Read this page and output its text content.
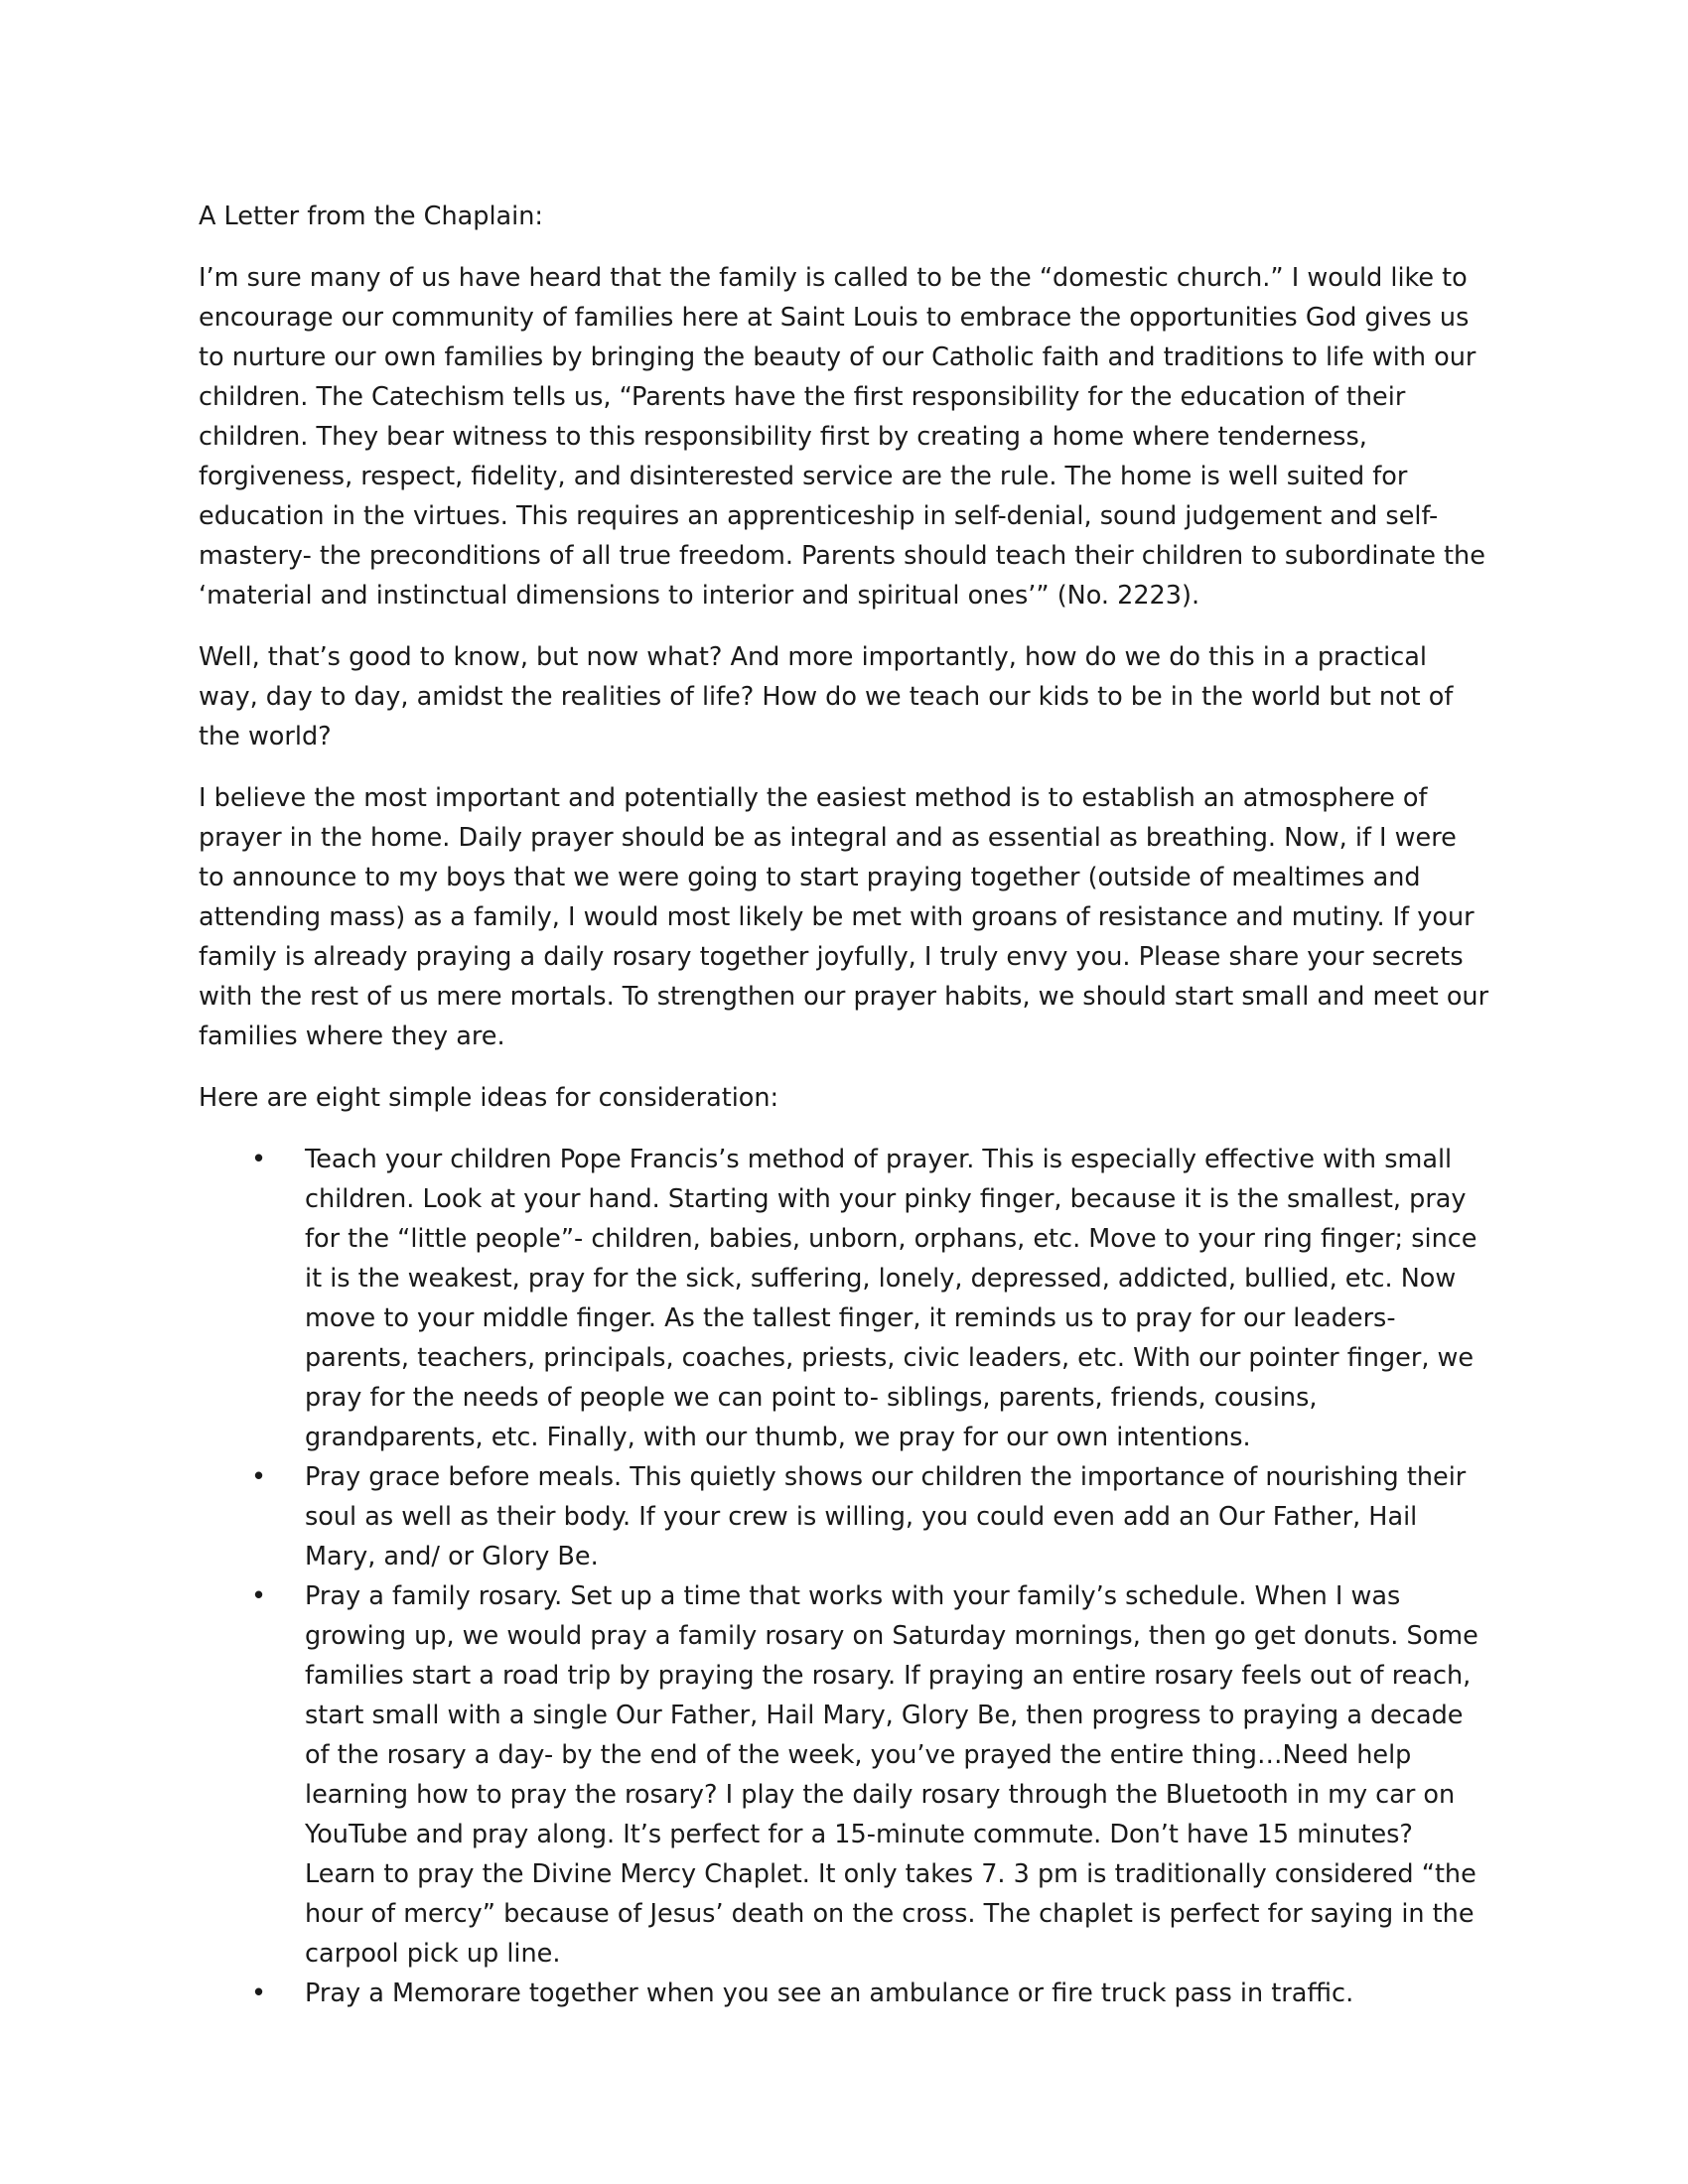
A Letter from the Chaplain:

I’m sure many of us have heard that the family is called to be the “domestic church.” I would like to encourage our community of families here at Saint Louis to embrace the opportunities God gives us to nurture our own families by bringing the beauty of our Catholic faith and traditions to life with our children. The Catechism tells us, “Parents have the first responsibility for the education of their children. They bear witness to this responsibility first by creating a home where tenderness, forgiveness, respect, fidelity, and disinterested service are the rule. The home is well suited for education in the virtues. This requires an apprenticeship in self-denial, sound judgement and self-mastery- the preconditions of all true freedom. Parents should teach their children to subordinate the ‘material and instinctual dimensions to interior and spiritual ones’” (No. 2223).

Well, that’s good to know, but now what? And more importantly, how do we do this in a practical way, day to day, amidst the realities of life? How do we teach our kids to be in the world but not of the world?

I believe the most important and potentially the easiest method is to establish an atmosphere of prayer in the home. Daily prayer should be as integral and as essential as breathing. Now, if I were to announce to my boys that we were going to start praying together (outside of mealtimes and attending mass) as a family, I would most likely be met with groans of resistance and mutiny. If your family is already praying a daily rosary together joyfully, I truly envy you. Please share your secrets with the rest of us mere mortals. To strengthen our prayer habits, we should start small and meet our families where they are.

Here are eight simple ideas for consideration:

• Teach your children Pope Francis’s method of prayer. This is especially effective with small children. Look at your hand. Starting with your pinky finger, because it is the smallest, pray for the “little people”- children, babies, unborn, orphans, etc. Move to your ring finger; since it is the weakest, pray for the sick, suffering, lonely, depressed, addicted, bullied, etc. Now move to your middle finger. As the tallest finger, it reminds us to pray for our leaders- parents, teachers, principals, coaches, priests, civic leaders, etc. With our pointer finger, we pray for the needs of people we can point to- siblings, parents, friends, cousins, grandparents, etc. Finally, with our thumb, we pray for our own intentions.
• Pray grace before meals. This quietly shows our children the importance of nourishing their soul as well as their body. If your crew is willing, you could even add an Our Father, Hail Mary, and/ or Glory Be.
• Pray a family rosary. Set up a time that works with your family’s schedule. When I was growing up, we would pray a family rosary on Saturday mornings, then go get donuts. Some families start a road trip by praying the rosary. If praying an entire rosary feels out of reach, start small with a single Our Father, Hail Mary, Glory Be, then progress to praying a decade of the rosary a day- by the end of the week, you’ve prayed the entire thing…Need help learning how to pray the rosary? I play the daily rosary through the Bluetooth in my car on YouTube and pray along. It’s perfect for a 15-minute commute. Don’t have 15 minutes? Learn to pray the Divine Mercy Chaplet. It only takes 7. 3 pm is traditionally considered “the hour of mercy” because of Jesus’ death on the cross. The chaplet is perfect for saying in the carpool pick up line.
• Pray a Memorare together when you see an ambulance or fire truck pass in traffic.
